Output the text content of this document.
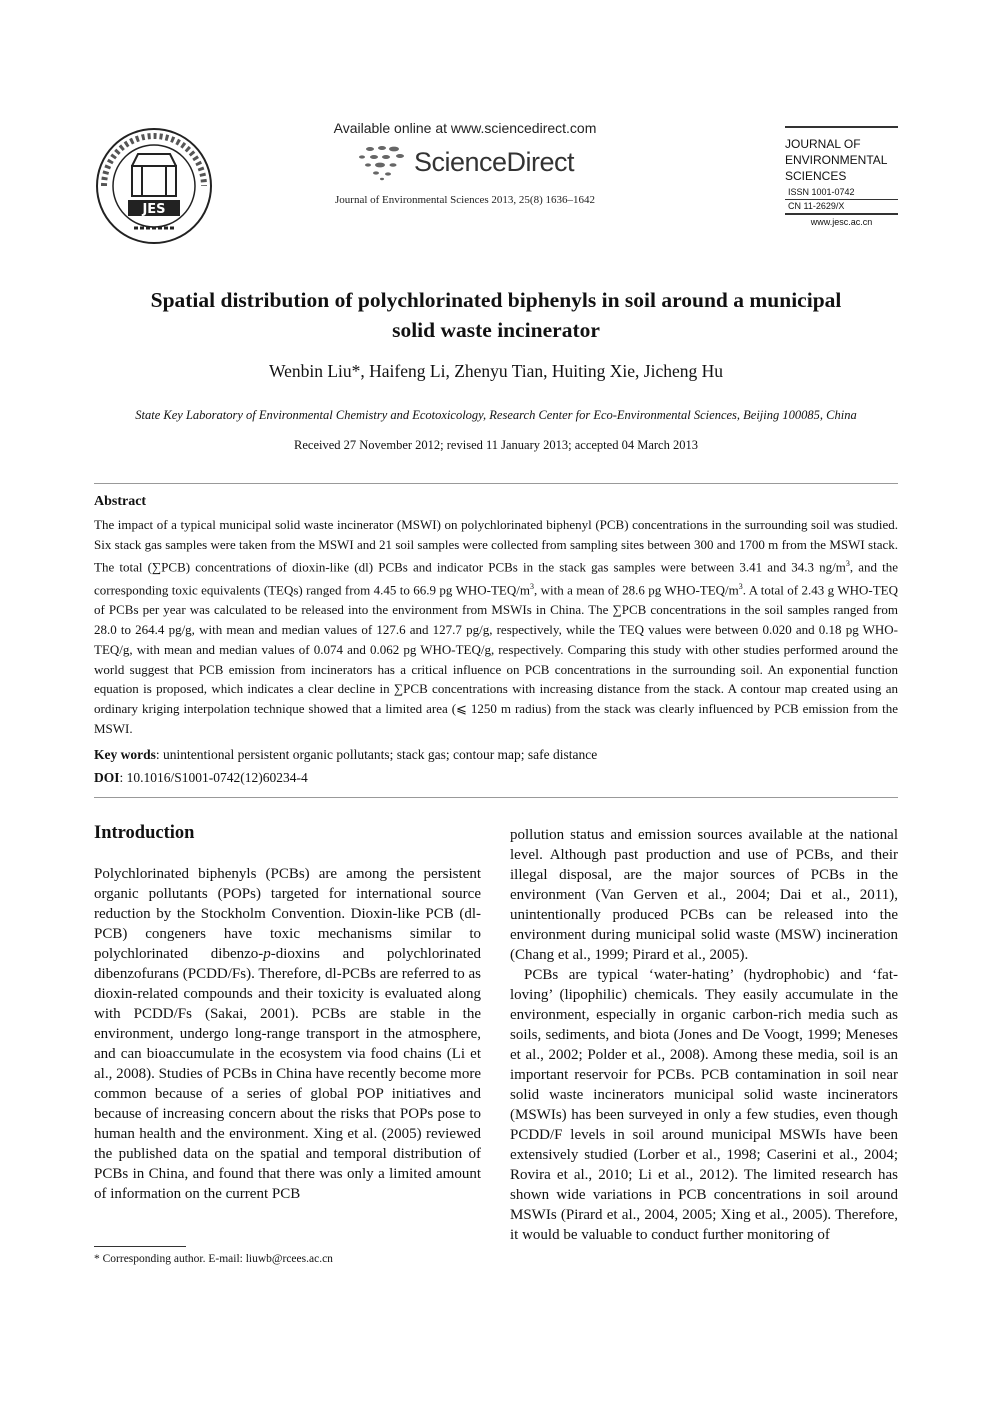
JES
Available online at www.sciencedirect.com
ScienceDirect
Journal of Environmental Sciences 2013, 25(8) 1636–1642
JOURNAL OF
ENVIRONMENTAL
SCIENCES
ISSN 1001-0742
CN 11-2629/X
www.jesc.ac.cn
Spatial distribution of polychlorinated biphenyls in soil around a municipal
solid waste incinerator
Wenbin Liu*, Haifeng Li, Zhenyu Tian, Huiting Xie, Jicheng Hu
State Key Laboratory of Environmental Chemistry and Ecotoxicology, Research Center for Eco-Environmental Sciences, Beijing 100085, China
Received 27 November 2012; revised 11 January 2013; accepted 04 March 2013
Abstract
The impact of a typical municipal solid waste incinerator (MSWI) on polychlorinated biphenyl (PCB) concentrations in the surrounding soil was studied. Six stack gas samples were taken from the MSWI and 21 soil samples were collected from sampling sites between 300 and 1700 m from the MSWI stack. The total (∑PCB) concentrations of dioxin-like (dl) PCBs and indicator PCBs in the stack gas samples were between 3.41 and 34.3 $ng/m^3$, and the corresponding toxic equivalents (TEQs) ranged from 4.45 to 66.9 pg WHO-$TEQ/m^3$, with a mean of 28.6 pg WHO-$TEQ/m^3$. A total of 2.43 g WHO-TEQ of PCBs per year was calculated to be released into the environment from MSWIs in China. The ∑PCB concentrations in the soil samples ranged from 28.0 to 264.4 pg/g, with mean and median values of 127.6 and 127.7 pg/g, respectively, while the TEQ values were between 0.020 and 0.18 pg WHO-TEQ/g, with mean and median values of 0.074 and 0.062 pg WHO-TEQ/g, respectively. Comparing this study with other studies performed around the world suggest that PCB emission from incinerators has a critical influence on PCB concentrations in the surrounding soil. An exponential function equation is proposed, which indicates a clear decline in ∑PCB concentrations with increasing distance from the stack. A contour map created using an ordinary kriging interpolation technique showed that a limited area (⩽ 1250 m radius) from the stack was clearly influenced by PCB emission from the MSWI.
Key words: unintentional persistent organic pollutants; stack gas; contour map; safe distance
DOI: 10.1016/S1001-0742(12)60234-4
Introduction

Polychlorinated biphenyls (PCBs) are among the persistent organic pollutants (POPs) targeted for international source reduction by the Stockholm Convention. Dioxin-like PCB (dl-PCB) congeners have toxic mechanisms similar to polychlorinated dibenzo-p-dioxins and polychlorinated dibenzofurans (PCDD/Fs). Therefore, dl-PCBs are referred to as dioxin-related compounds and their toxicity is evaluated along with PCDD/Fs (Sakai, 2001). PCBs are stable in the environment, undergo long-range transport in the atmosphere, and can bioaccumulate in the ecosystem via food chains (Li et al., 2008). Studies of PCBs in China have recently become more common because of a series of global POP initiatives and because of increasing concern about the risks that POPs pose to human health and the environment. Xing et al. (2005) reviewed the published data on the spatial and temporal distribution of PCBs in China, and found that there was only a limited amount of information on the current PCB

pollution status and emission sources available at the national level. Although past production and use of PCBs, and their illegal disposal, are the major sources of PCBs in the environment (Van Gerven et al., 2004; Dai et al., 2011), unintentionally produced PCBs can be released into the environment during municipal solid waste (MSW) incineration (Chang et al., 1999; Pirard et al., 2005).

PCBs are typical ‘water-hating’ (hydrophobic) and ‘fat-loving’ (lipophilic) chemicals. They easily accumulate in the environment, especially in organic carbon-rich media such as soils, sediments, and biota (Jones and De Voogt, 1999; Meneses et al., 2002; Polder et al., 2008). Among these media, soil is an important reservoir for PCBs. PCB contamination in soil near solid waste incinerators municipal solid waste incinerators (MSWIs) has been surveyed in only a few studies, even though PCDD/F levels in soil around municipal MSWIs have been extensively studied (Lorber et al., 1998; Caserini et al., 2004; Rovira et al., 2010; Li et al., 2012). The limited research has shown wide variations in PCB concentrations in soil around MSWIs (Pirard et al., 2004, 2005; Xing et al., 2005). Therefore, it would be valuable to conduct further monitoring of

* Corresponding author. E-mail: liuwb@rcees.ac.cn
